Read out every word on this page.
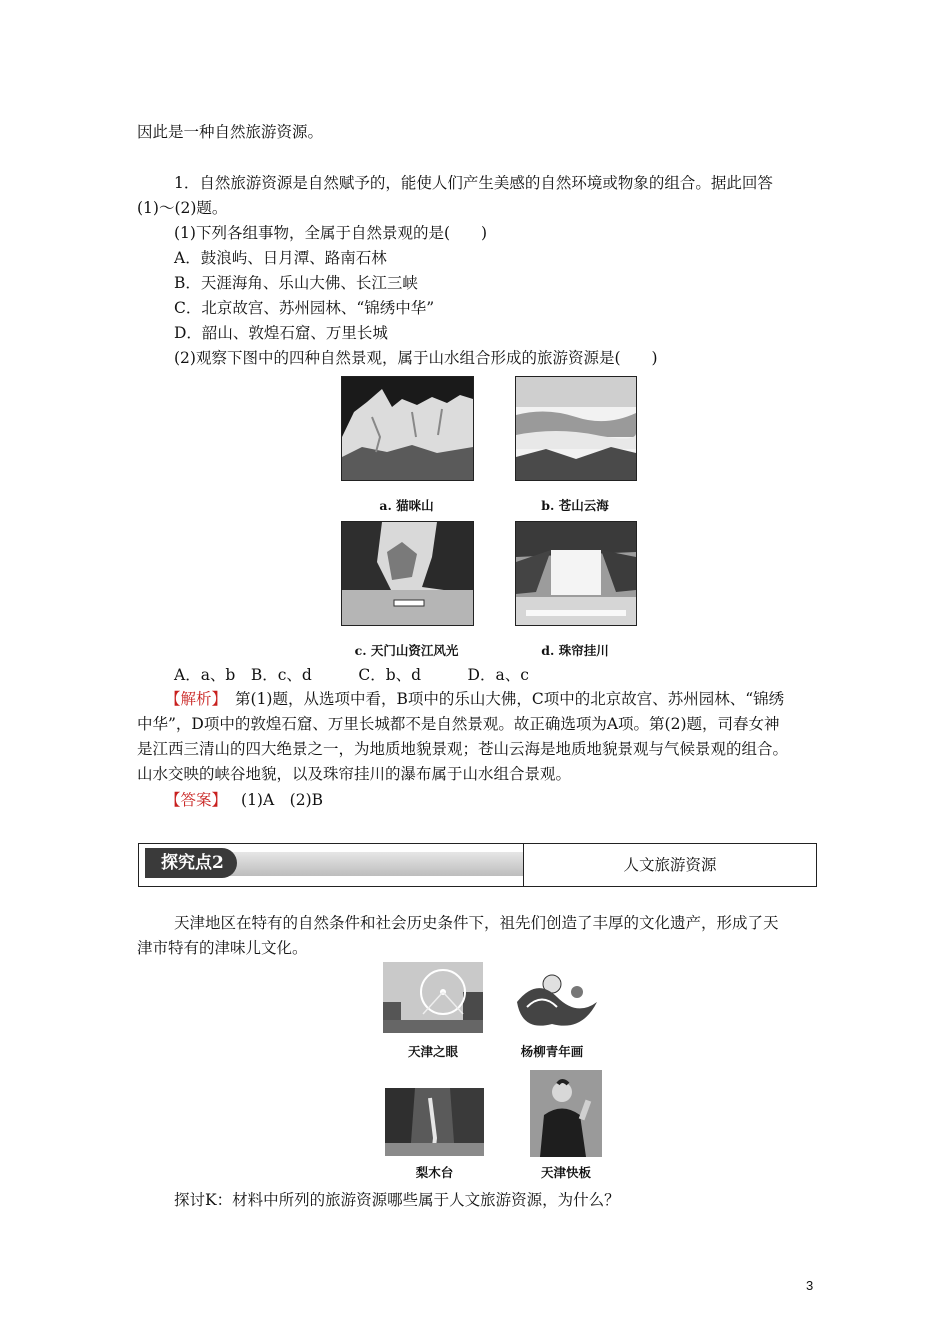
因此是一种自然旅游资源。
1．自然旅游资源是自然赋予的，能使人们产生美感的自然环境或物象的组合。据此回答
(1)～(2)题。
(1)下列各组事物，全属于自然景观的是(　　)
A．鼓浪屿、日月潭、路南石林
B．天涯海角、乐山大佛、长江三峡
C．北京故宫、苏州园林、“锦绣中华”
D．韶山、敦煌石窟、万里长城
(2)观察下图中的四种自然景观，属于山水组合形成的旅游资源是(　　)
a. 猫咪山	b. 苍山云海
c. 天门山资江风光	d. 珠帘挂川
A．a、b　B．c、d　　　C．b、d　　　D．a、c
【解析】 第(1)题，从选项中看，B项中的乐山大佛，C项中的北京故宫、苏州园林、“锦绣
中华”，D项中的敦煌石窟、万里长城都不是自然景观。故正确选项为A项。第(2)题，司春女神
是江西三清山的四大绝景之一，为地质地貌景观；苍山云海是地质地貌景观与气候景观的组合。
山水交映的峡谷地貌，以及珠帘挂川的瀑布属于山水组合景观。
【答案】 (1)A　(2)B
探究点2	人文旅游资源
天津地区在特有的自然条件和社会历史条件下，祖先们创造了丰厚的文化遗产，形成了天
津市特有的津味儿文化。
天津之眼	杨柳青年画
梨木台	天津快板
探讨K：材料中所列的旅游资源哪些属于人文旅游资源，为什么？
3
